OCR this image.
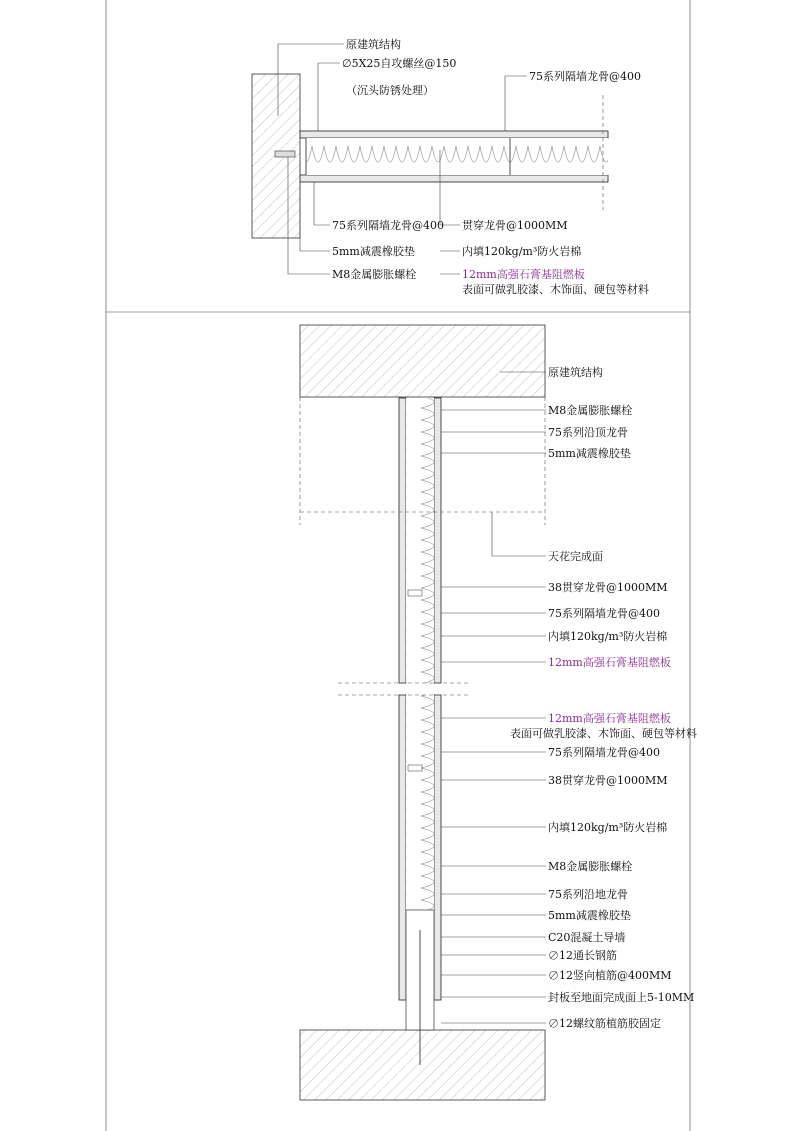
原建筑结构
∅5X25自攻螺丝@150
（沉头防锈处理）
75系列隔墙龙骨@400
75系列隔墙龙骨@400
5mm减震橡胶垫
M8金属膨胀螺栓
贯穿龙骨@1000MM
内填120kg/m³防火岩棉
12mm高强石膏基阻燃板
表面可做乳胶漆、木饰面、硬包等材料
原建筑结构
M8金属膨胀螺栓
75系列沿顶龙骨
5mm减震橡胶垫
天花完成面
38贯穿龙骨@1000MM
75系列隔墙龙骨@400
内填120kg/m³防火岩棉
12mm高强石膏基阻燃板
12mm高强石膏基阻燃板
表面可做乳胶漆、木饰面、硬包等材料
75系列隔墙龙骨@400
38贯穿龙骨@1000MM
内填120kg/m³防火岩棉
M8金属膨胀螺栓
75系列沿地龙骨
5mm减震橡胶垫
C20混凝土导墙
∅12通长钢筋
∅12竖向植筋@400MM
封板至地面完成面上5-10MM
∅12螺纹筋植筋胶固定
